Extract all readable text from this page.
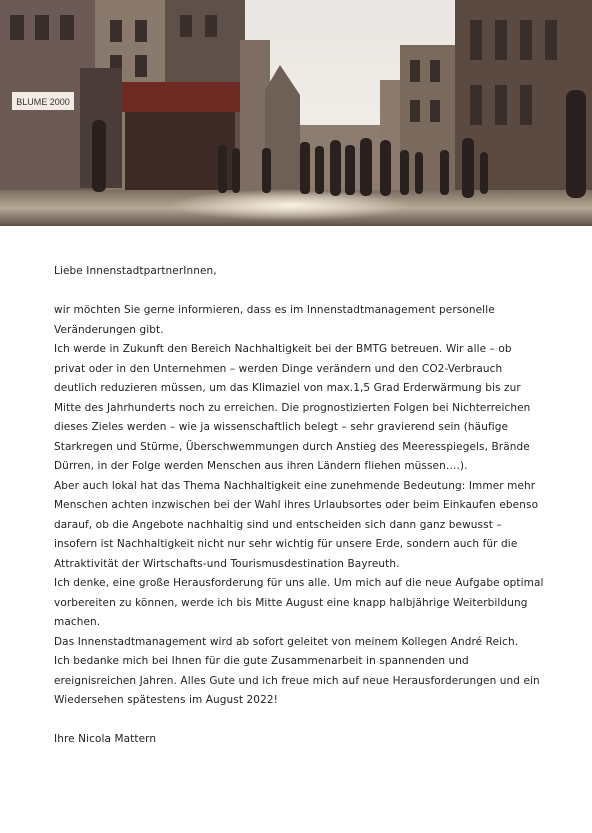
BLUME 2000

Liebe InnenstadtpartnerInnen,

wir möchten Sie gerne informieren, dass es im Innenstadtmanagement personelle Veränderungen gibt.

Ich werde in Zukunft den Bereich Nachhaltigkeit bei der BMTG betreuen. Wir alle – ob privat oder in den Unternehmen – werden Dinge verändern und den CO2-Verbrauch deutlich reduzieren müssen, um das Klimaziel von max.1,5 Grad Erderwärmung bis zur Mitte des Jahrhunderts noch zu erreichen. Die prognostizierten Folgen bei Nichterreichen dieses Zieles werden – wie ja wissenschaftlich belegt – sehr gravierend sein (häufige Starkregen und Stürme, Überschwemmungen durch Anstieg des Meeresspiegels, Brände Dürren, in der Folge werden Menschen aus ihren Ländern fliehen müssen….).

Aber auch lokal hat das Thema Nachhaltigkeit eine zunehmende Bedeutung: Immer mehr Menschen achten inzwischen bei der Wahl ihres Urlaubsortes oder beim Einkaufen ebenso darauf, ob die Angebote nachhaltig sind und entscheiden sich dann ganz bewusst – insofern ist Nachhaltigkeit nicht nur sehr wichtig für unsere Erde, sondern auch für die Attraktivität der Wirtschafts-und Tourismusdestination Bayreuth.

Ich denke, eine große Herausforderung für uns alle. Um mich auf die neue Aufgabe optimal vorbereiten zu können, werde ich bis Mitte August eine knapp halbjährige Weiterbildung machen.

Das Innenstadtmanagement wird ab sofort geleitet von meinem Kollegen André Reich.

Ich bedanke mich bei Ihnen für die gute Zusammenarbeit in spannenden und ereignisreichen Jahren. Alles Gute und ich freue mich auf neue Herausforderungen und ein Wiedersehen spätestens im August 2022!

Ihre Nicola Mattern
